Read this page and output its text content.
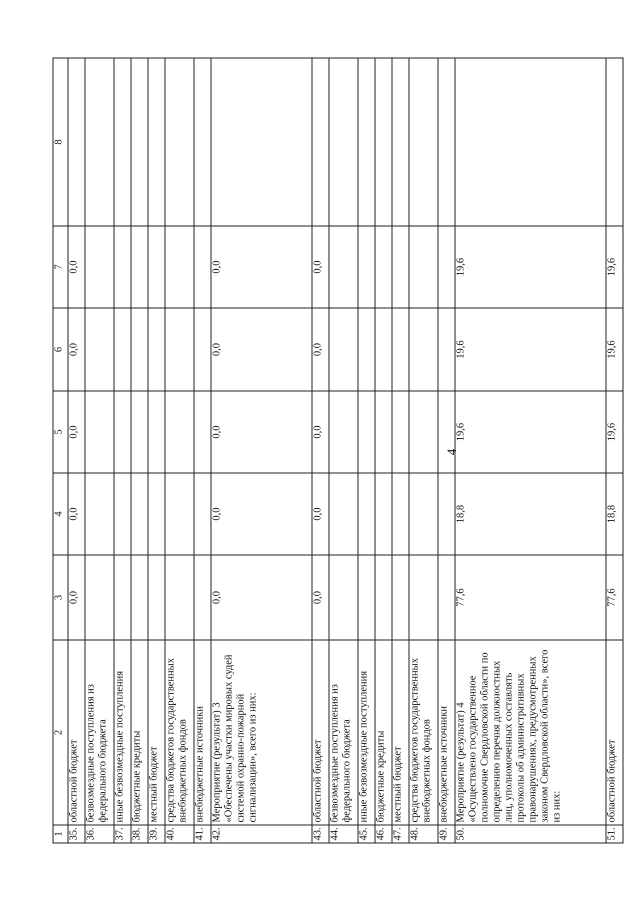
4
1	2	3	4	5	6	7	8
35.	областной бюджет	0,0	0,0	0,0	0,0	0,0	
36.	безвозмездные поступления из федерального бюджета						
37.	иные безвозмездные поступления						
38.	бюджетные кредиты						
39.	местный бюджет						
40.	средства бюджетов государственных внебюджетных фондов						
41.	внебюджетные источники						
42.	Мероприятие (результат) 3 «Обеспечены участки мировых судей системой охранно-пожарной сигнализации», всего из них:	0,0	0,0	0,0	0,0	0,0	
43.	областной бюджет	0,0	0,0	0,0	0,0	0,0	
44.	безвозмездные поступления из федерального бюджета						
45.	иные безвозмездные поступления						
46.	бюджетные кредиты						
47.	местный бюджет						
48.	средства бюджетов государственных внебюджетных фондов						
49.	внебюджетные источники						
50.	Мероприятие (результат) 4 «Осуществлено государственное полномочие Свердловской области по определению перечня должностных лиц, уполномоченных составлять протоколы об административных правонарушениях, предусмотренных законом Свердловской области», всего из них:	77,6	18,8	19,6	19,6	19,6	
51.	областной бюджет	77,6	18,8	19,6	19,6	19,6	
